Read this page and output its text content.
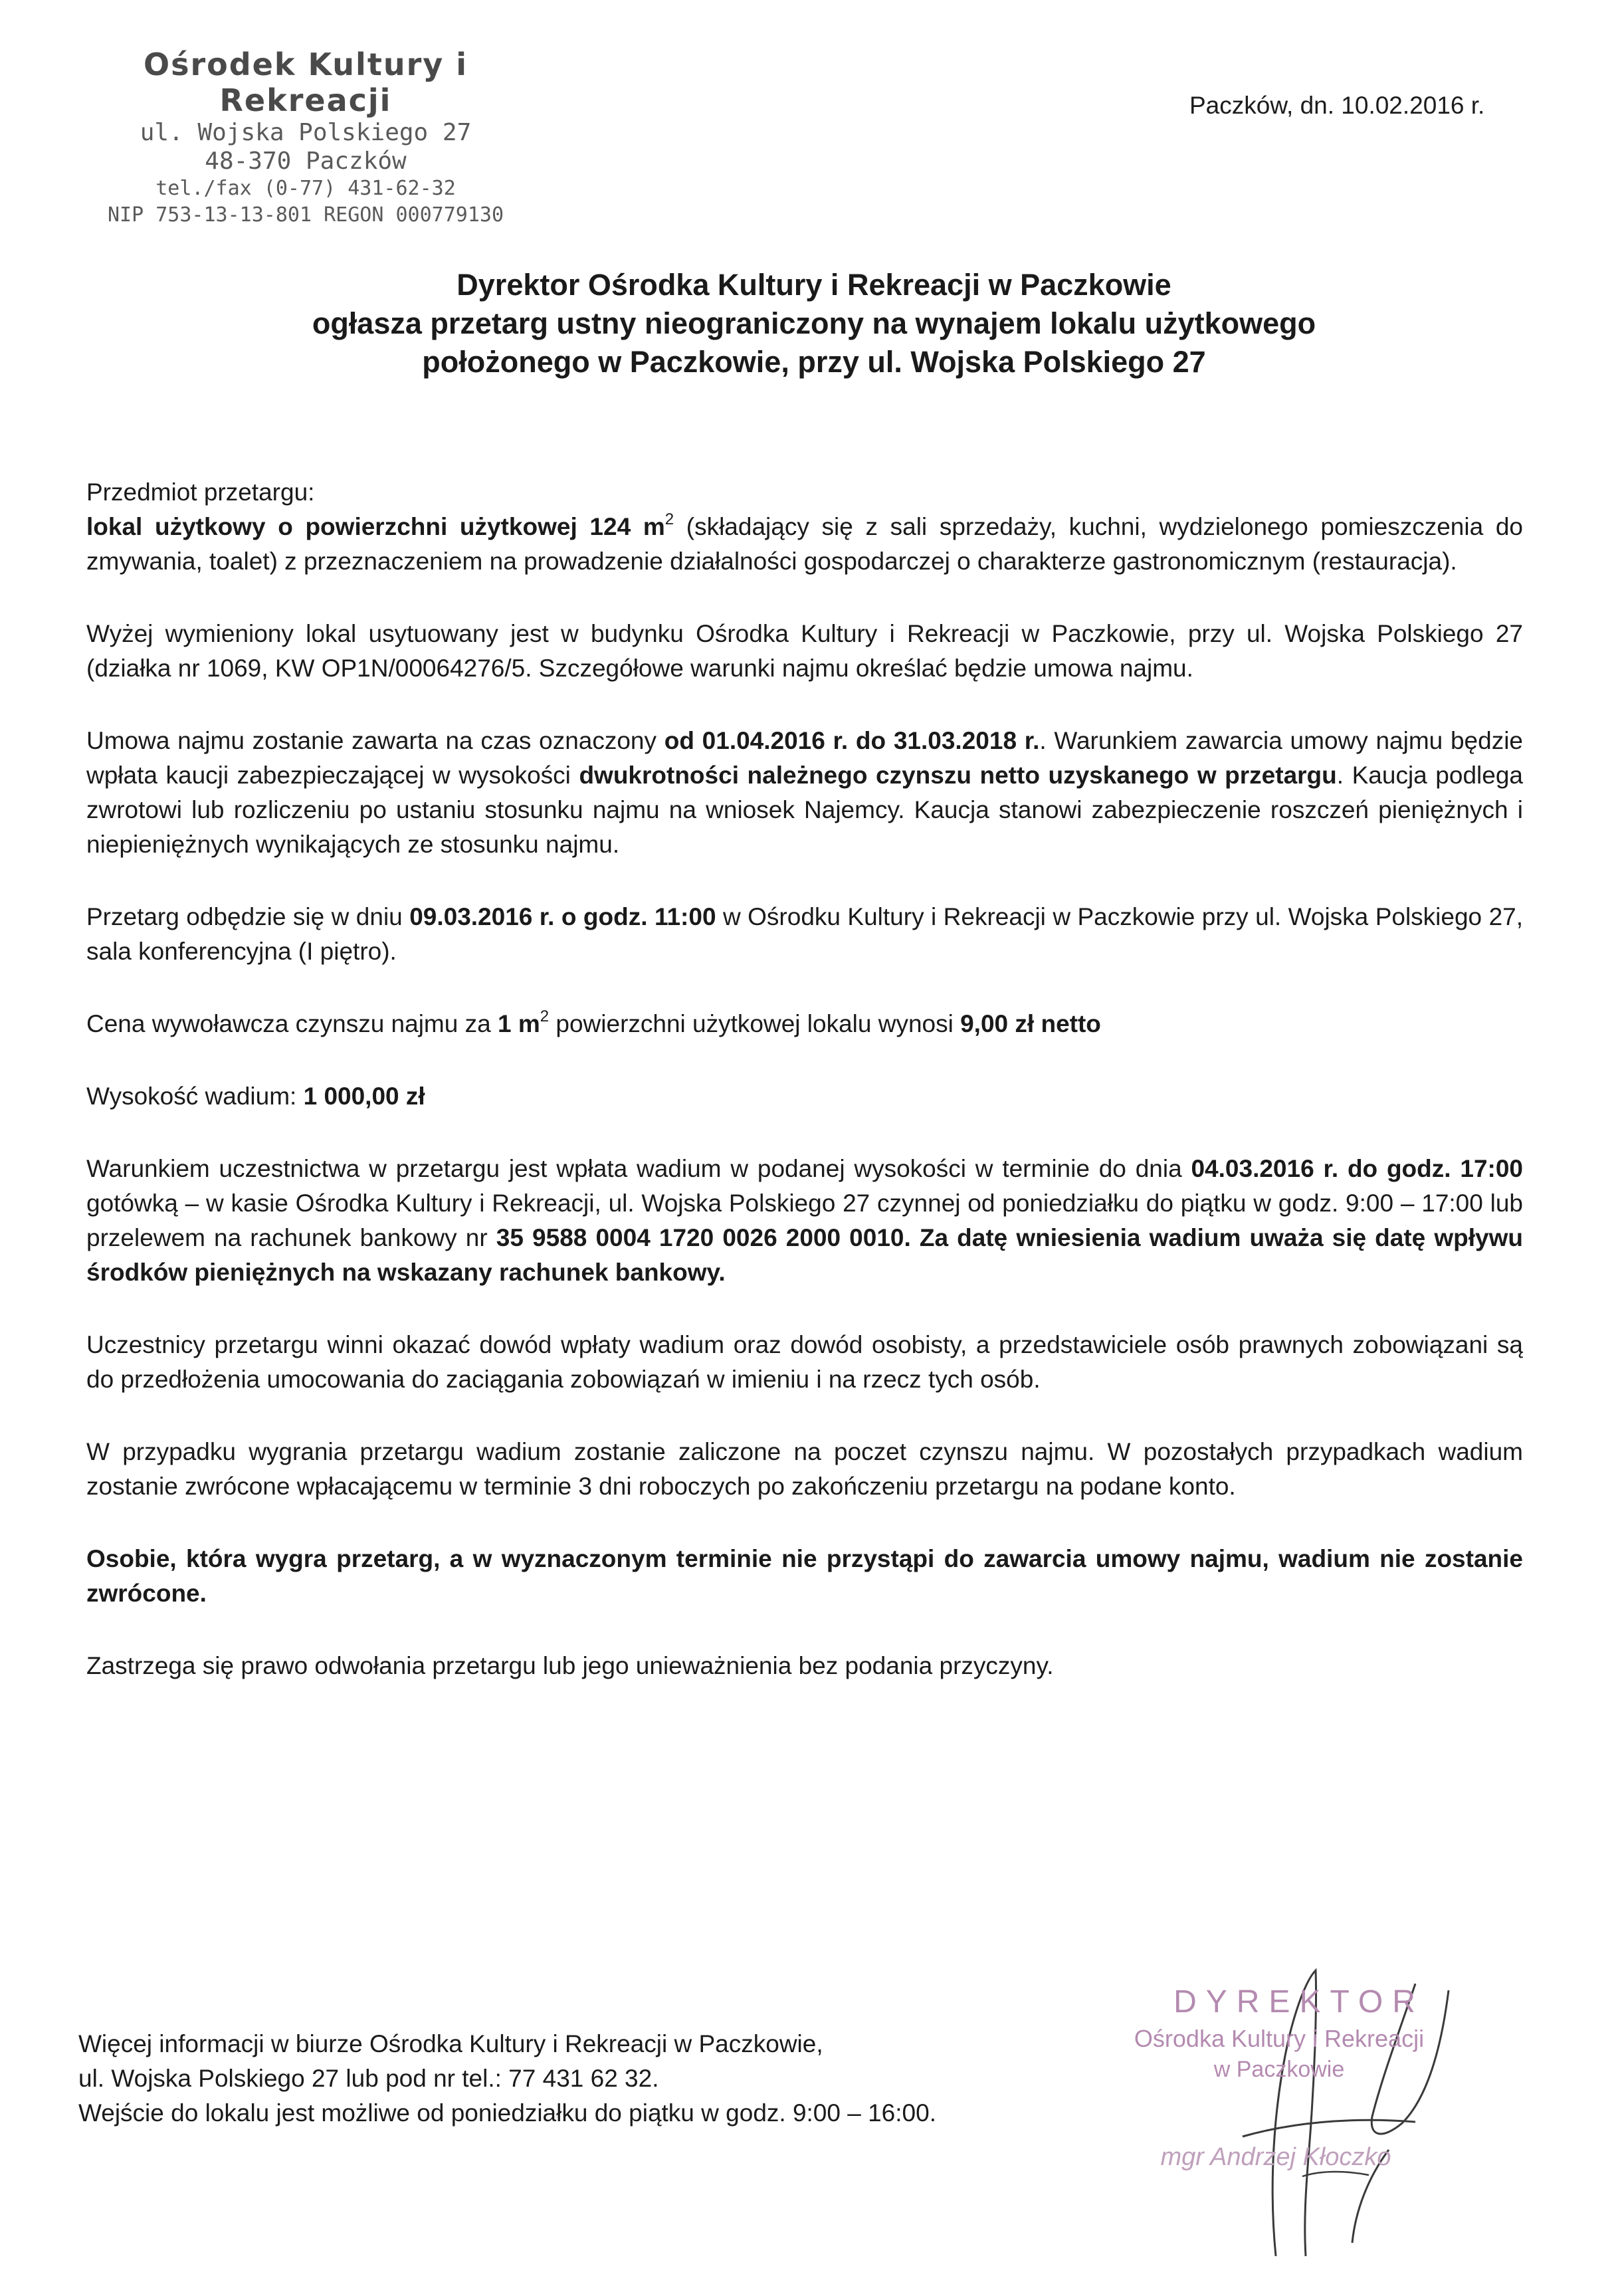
Ośrodek Kultury i Rekreacji
ul. Wojska Polskiego 27
48-370 Paczków
tel./fax (0-77) 431-62-32
NIP 753-13-13-801 REGON 000779130
Paczków, dn. 10.02.2016 r.
Dyrektor Ośrodka Kultury i Rekreacji w Paczkowie
ogłasza przetarg ustny nieograniczony na wynajem lokalu użytkowego
położonego w Paczkowie, przy ul. Wojska Polskiego 27

Przedmiot przetargu:
lokal użytkowy o powierzchni użytkowej 124 $m^2$ (składający się z sali sprzedaży, kuchni, wydzielonego pomieszczenia do zmywania, toalet) z przeznaczeniem na prowadzenie działalności gospodarczej o charakterze gastronomicznym (restauracja).

Wyżej wymieniony lokal usytuowany jest w budynku Ośrodka Kultury i Rekreacji w Paczkowie, przy ul. Wojska Polskiego 27 (działka nr 1069, KW OP1N/00064276/5. Szczegółowe warunki najmu określać będzie umowa najmu.

Umowa najmu zostanie zawarta na czas oznaczony od 01.04.2016 r. do 31.03.2018 r.. Warunkiem zawarcia umowy najmu będzie wpłata kaucji zabezpieczającej w wysokości dwukrotności należnego czynszu netto uzyskanego w przetargu. Kaucja podlega zwrotowi lub rozliczeniu po ustaniu stosunku najmu na wniosek Najemcy. Kaucja stanowi zabezpieczenie roszczeń pieniężnych i niepieniężnych wynikających ze stosunku najmu.

Przetarg odbędzie się w dniu 09.03.2016 r. o godz. 11:00 w Ośrodku Kultury i Rekreacji w Paczkowie przy ul. Wojska Polskiego 27, sala konferencyjna (I piętro).

Cena wywoławcza czynszu najmu za 1 $m^2$ powierzchni użytkowej lokalu wynosi 9,00 zł netto

Wysokość wadium: 1 000,00 zł

Warunkiem uczestnictwa w przetargu jest wpłata wadium w podanej wysokości w terminie do dnia 04.03.2016 r. do godz. 17:00 gotówką – w kasie Ośrodka Kultury i Rekreacji, ul. Wojska Polskiego 27 czynnej od poniedziałku do piątku w godz. 9:00 – 17:00 lub przelewem na rachunek bankowy nr 35 9588 0004 1720 0026 2000 0010. Za datę wniesienia wadium uważa się datę wpływu środków pieniężnych na wskazany rachunek bankowy.

Uczestnicy przetargu winni okazać dowód wpłaty wadium oraz dowód osobisty, a przedstawiciele osób prawnych zobowiązani są do przedłożenia umocowania do zaciągania zobowiązań w imieniu i na rzecz tych osób.

W przypadku wygrania przetargu wadium zostanie zaliczone na poczet czynszu najmu. W pozostałych przypadkach wadium zostanie zwrócone wpłacającemu w terminie 3 dni roboczych po zakończeniu przetargu na podane konto.

Osobie, która wygra przetarg, a w wyznaczonym terminie nie przystąpi do zawarcia umowy najmu, wadium nie zostanie zwrócone.

Zastrzega się prawo odwołania przetargu lub jego unieważnienia bez podania przyczyny.

Więcej informacji w biurze Ośrodka Kultury i Rekreacji w Paczkowie,
ul. Wojska Polskiego 27 lub pod nr tel.: 77 431 62 32.
Wejście do lokalu jest możliwe od poniedziałku do piątku w godz. 9:00 – 16:00.
DYREKTOR
Ośrodka Kultury i Rekreacji
w Paczkowie
mgr Andrzej Kłoczko
